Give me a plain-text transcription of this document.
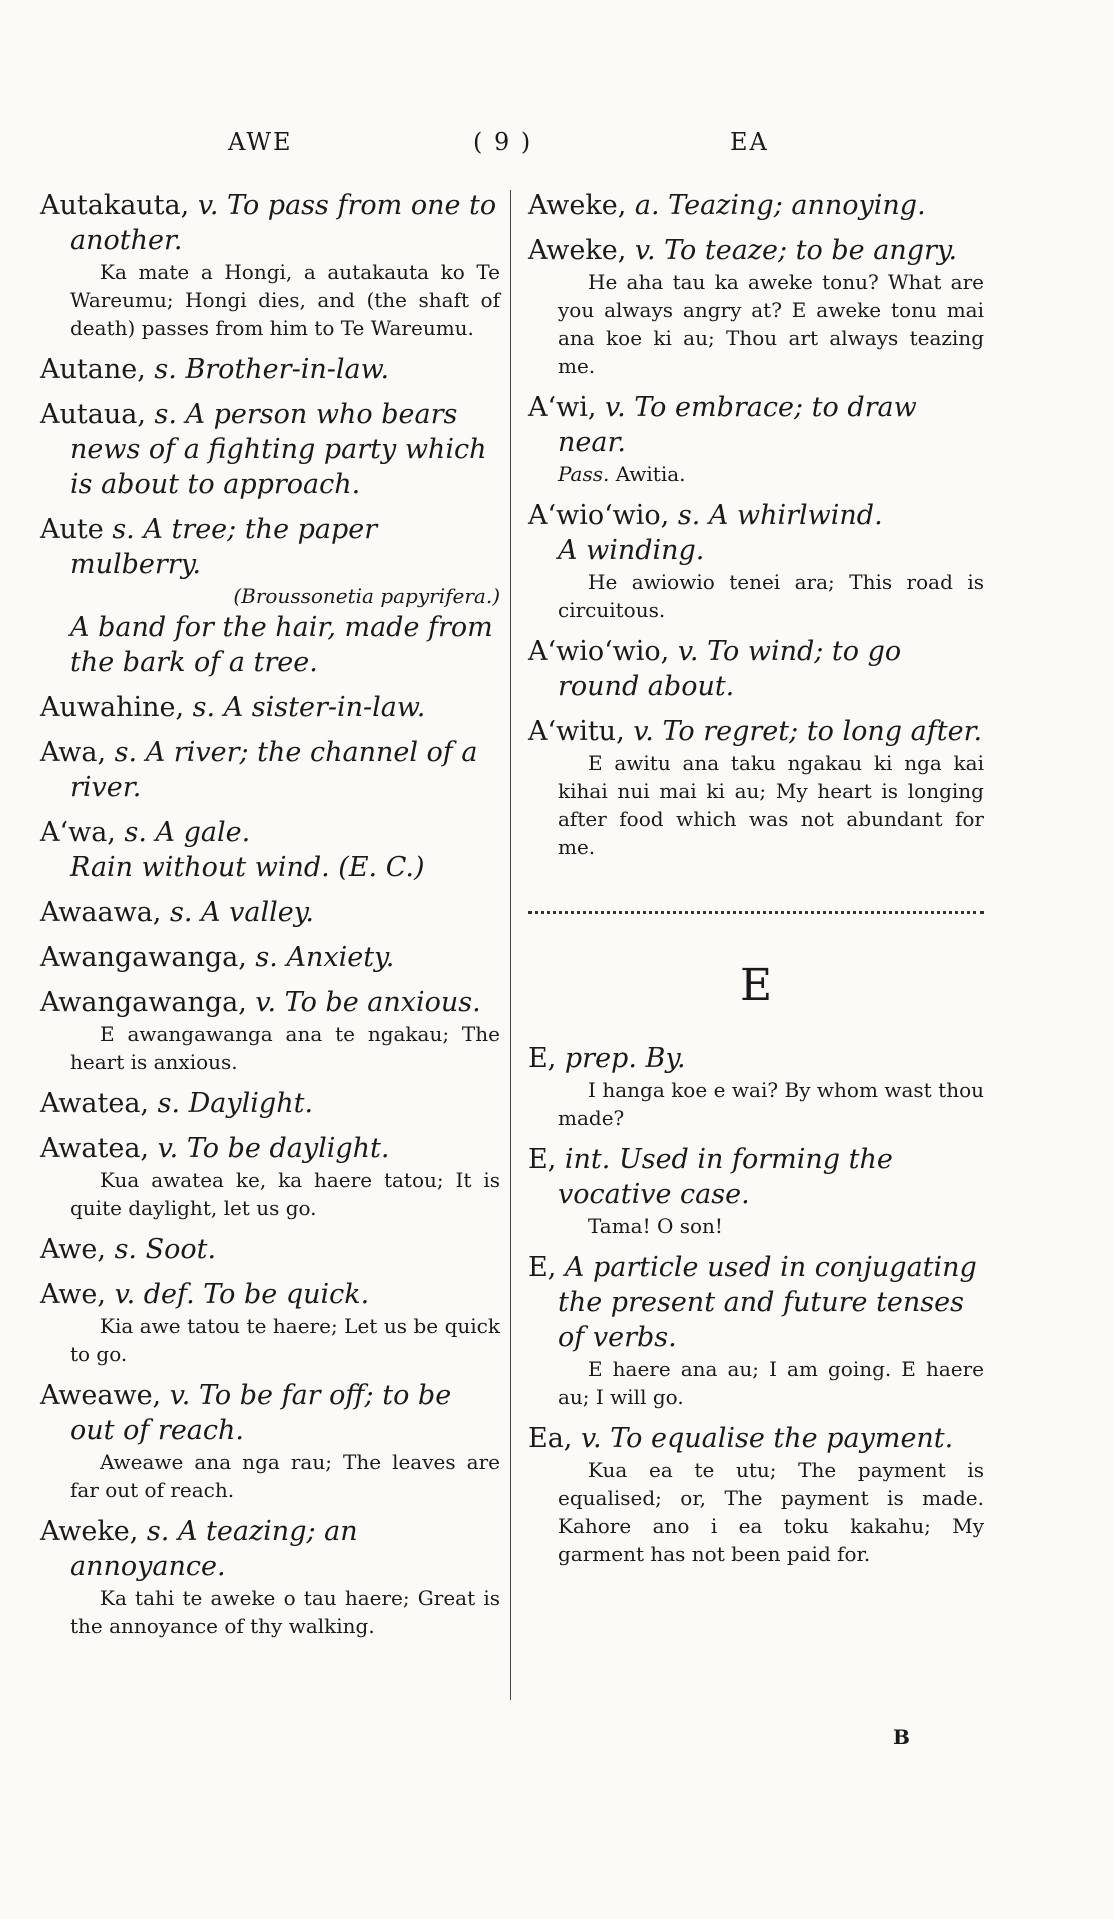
AWE	( 9 )	EA
Autakauta, v. To pass from one to another.
Ka mate a Hongi, a autakauta ko Te Wareumu; Hongi dies, and (the shaft of death) passes from him to Te Wareumu.
Autane, s. Brother-in-law.
Autaua, s. A person who bears news of a fighting party which is about to approach.
Aute s. A tree; the paper mulberry.
(Broussonetia papyrifera.)
A band for the hair, made from the bark of a tree.
Auwahine, s. A sister-in-law.
Awa, s. A river; the channel of a river.
A‘wa, s. A gale.
Rain without wind. (E. C.)
Awaawa, s. A valley.
Awangawanga, s. Anxiety.
Awangawanga, v. To be anxious.
E awangawanga ana te ngakau; The heart is anxious.
Awatea, s. Daylight.
Awatea, v. To be daylight.
Kua awatea ke, ka haere tatou; It is quite daylight, let us go.
Awe, s. Soot.
Awe, v. def. To be quick.
Kia awe tatou te haere; Let us be quick to go.
Aweawe, v. To be far off; to be out of reach.
Aweawe ana nga rau; The leaves are far out of reach.
Aweke, s. A teazing; an annoyance.
Ka tahi te aweke o tau haere; Great is the annoyance of thy walking.
Aweke, a. Teazing; annoying.
Aweke, v. To teaze; to be angry.
He aha tau ka aweke tonu? What are you always angry at? E aweke tonu mai ana koe ki au; Thou art always teazing me.
A‘wi, v. To embrace; to draw near.
Pass. Awitia.
A‘wio‘wio, s. A whirlwind.
A winding.
He awiowio tenei ara; This road is circuitous.
A‘wio‘wio, v. To wind; to go round about.
A‘witu, v. To regret; to long after.
E awitu ana taku ngakau ki nga kai kihai nui mai ki au; My heart is longing after food which was not abundant for me.
E
E, prep. By.
I hanga koe e wai? By whom wast thou made?
E, int. Used in forming the vocative case.
Tama! O son!
E, A particle used in conjugating the present and future tenses of verbs.
E haere ana au; I am going. E haere au; I will go.
Ea, v. To equalise the payment.
Kua ea te utu; The payment is equalised; or, The payment is made. Kahore ano i ea toku kakahu; My garment has not been paid for.
B
